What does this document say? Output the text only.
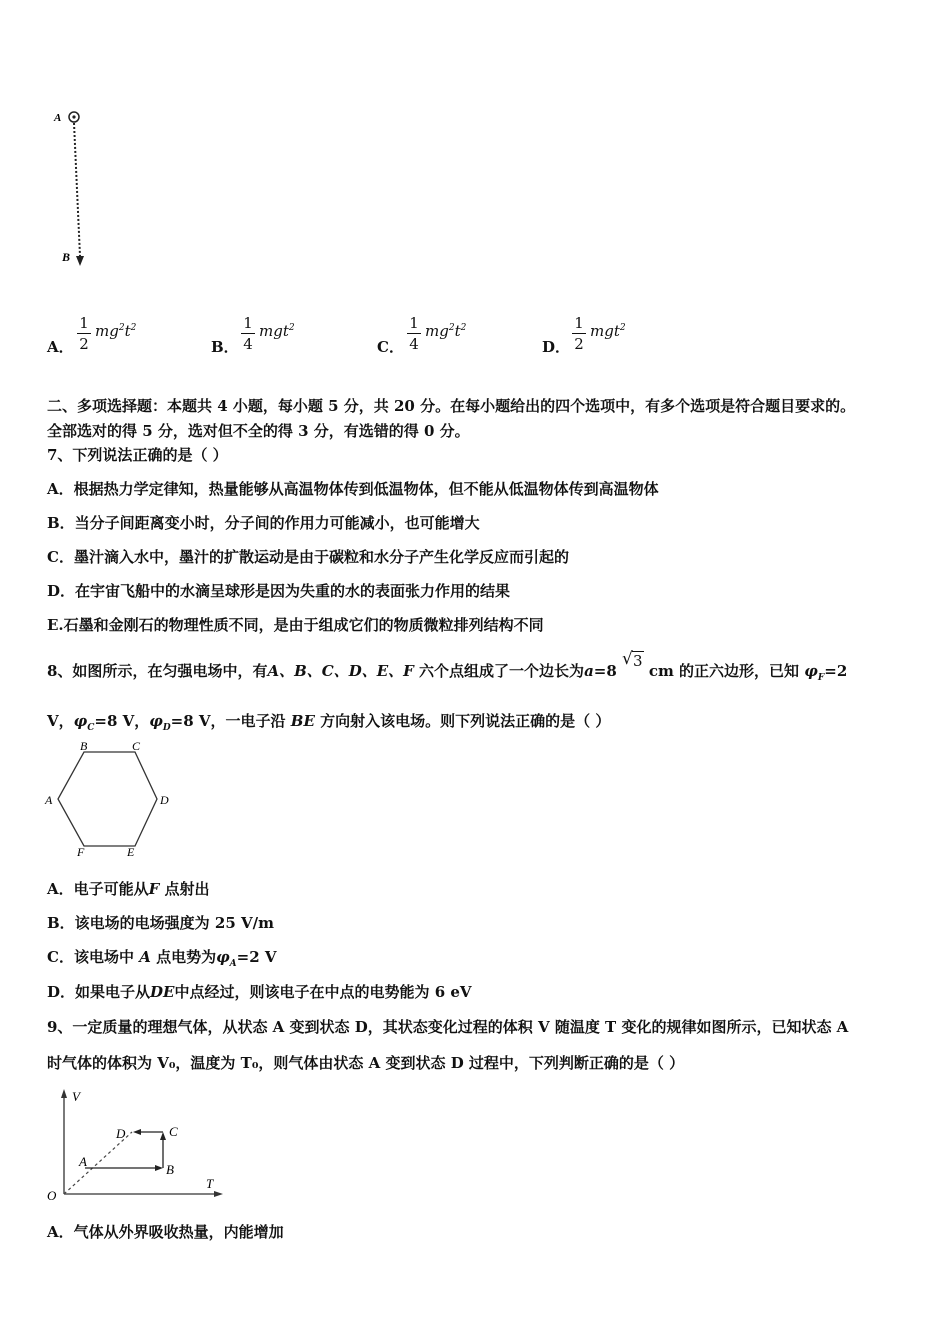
A
B
A．
1
2
$mg^2t^2$
B．
1
4
mgt$^2$
C．
1
4
$mg^2t^2$
D．
1
2
mgt$^2$
二、多项选择题：本题共 4 小题，每小题 5 分，共 20 分。在每小题给出的四个选项中，有多个选项是符合题目要求的。
全部选对的得 5 分，选对但不全的得 3 分，有选错的得 0 分。
7、下列说法正确的是（ ）
A．根据热力学定律知，热量能够从高温物体传到低温物体，但不能从低温物体传到高温物体
B．当分子间距离变小时，分子间的作用力可能减小，也可能增大
C．墨汁滴入水中，墨汁的扩散运动是由于碳粒和水分子产生化学反应而引起的
D．在宇宙飞船中的水滴呈球形是因为失重的水的表面张力作用的结果
E.石墨和金刚石的物理性质不同，是由于组成它们的物质微粒排列结构不同
8、如图所示，在匀强电场中，有A、B、C、D、E、F 六个点组成了一个边长为a=8
√ 3 cm 的正六边形，已知 $\varphi_F=2$
V，$\varphi_C=8$ V，$\varphi_D=8$ V，一电子沿 BE 方向射入该电场。则下列说法正确的是（ ）
B	C
A	D
F	E
A．电子可能从F 点射出
B．该电场的电场强度为 25 V/m
C．该电场中 A 点电势为$\varphi_A=2$ V
D．如果电子从DE中点经过，则该电子在中点的电势能为 6 eV
9、一定质量的理想气体，从状态 A 变到状态 D，其状态变化过程的体积 V 随温度 T 变化的规律如图所示，已知状态 A
时气体的体积为 V₀，温度为 T₀，则气体由状态 A 变到状态 D 过程中，下列判断正确的是（ ）
V
T
O
A
B
C
D
A．气体从外界吸收热量，内能增加
